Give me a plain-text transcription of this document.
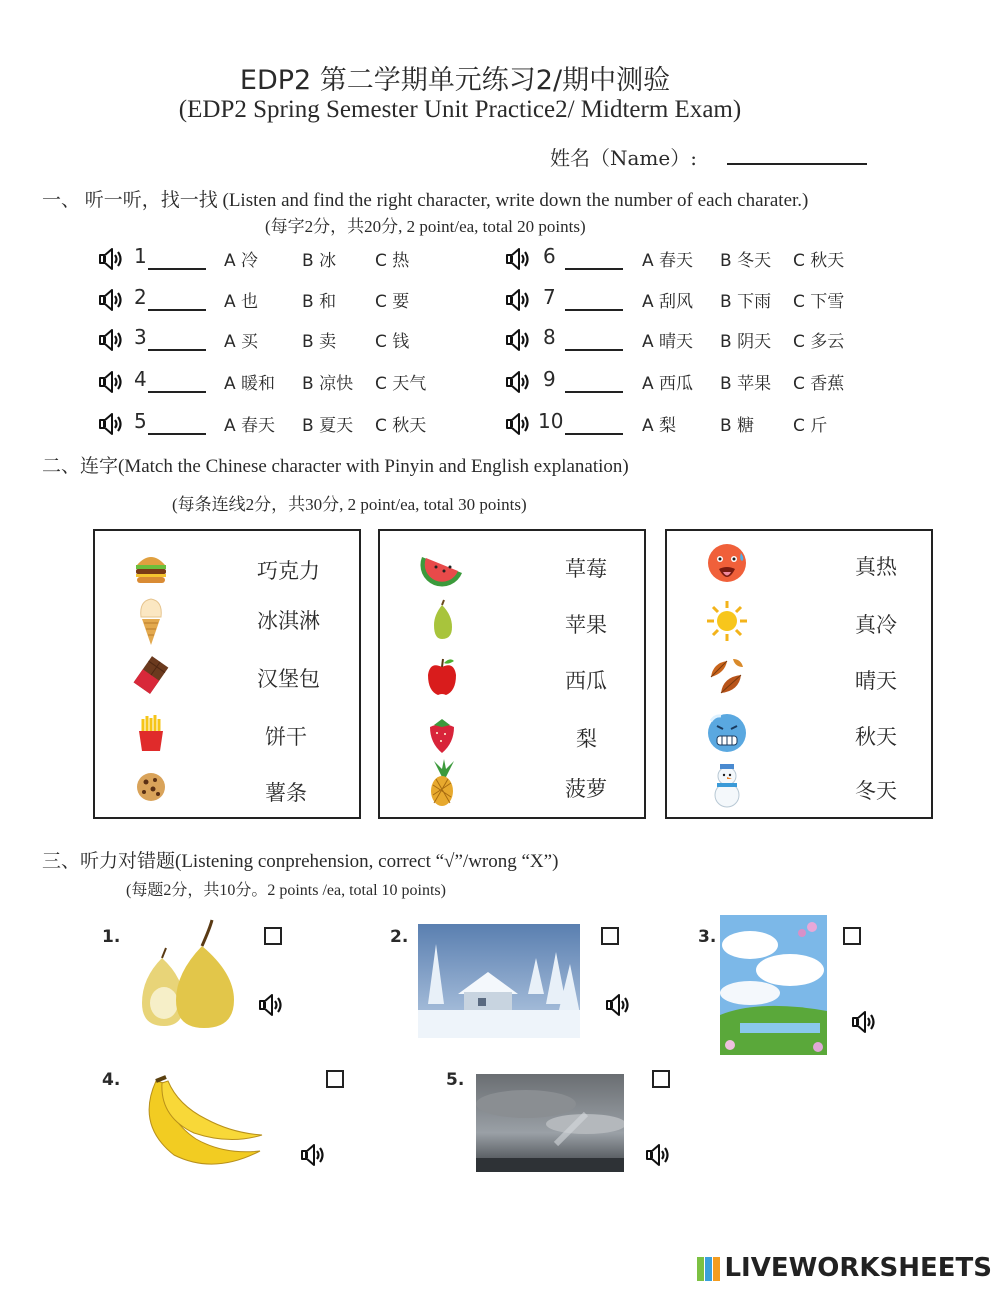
EDP2 第二学期单元练习2/期中测验
(EDP2 Spring Semester Unit Practice2/ Midterm Exam)
姓名（Name）:
一、 听一听，找一找 (Listen and find the right character, write down the number of each charater.)
(每字2分，共20分, 2 point/ea, total 20 points)
1	A 冷	B 冰 C 热
2	A 也	B 和 C 要
3	A 买	B 卖 C 钱
4	A 暖和 B 凉快 C 天气
5	A 春天 B 夏天 C 秋天
6	A 春天 B 冬天 C 秋天
7	A 刮风 B 下雨 C 下雪
8	A 晴天 B 阴天 C 多云
9	A 西瓜 B 苹果 C 香蕉
10	A 梨	B 糖 C 斤
二、连字(Match the Chinese character with Pinyin and English explanation)
(每条连线2分，共30分, 2 point/ea, total 30 points)
巧克力
冰淇淋
汉堡包
饼干
薯条
草莓
苹果
西瓜
梨
菠萝
真热
真冷
晴天
秋天
冬天
三、听力对错题(Listening conprehension, correct “√”/wrong “X”)
(每题2分，共10分。2 points /ea, total 10 points)
1.	2.	3.
4.	5.
LIVEWORKSHEETS
